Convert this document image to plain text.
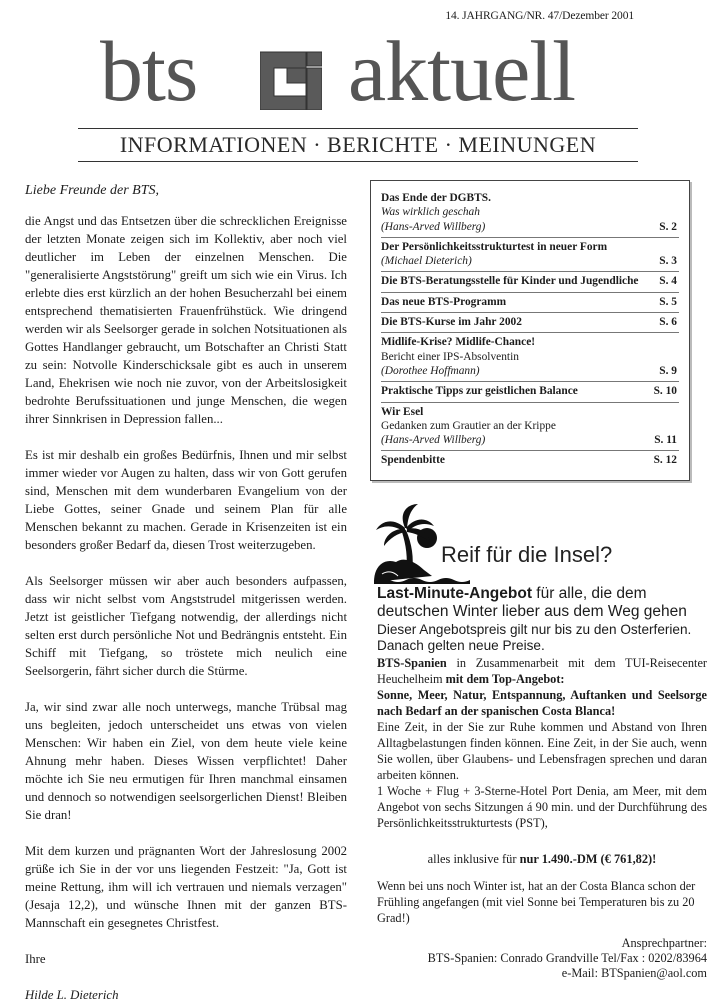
14. JAHRGANG/NR. 47/Dezember 2001
bts aktuell
INFORMATIONEN · BERICHTE · MEINUNGEN

Liebe Freunde der BTS,

die Angst und das Entsetzen über die schrecklichen Ereignisse der letzten Monate zeigen sich im Kollektiv, aber noch viel deutlicher im Leben der einzelnen Menschen. Die "generalisierte Angststörung" greift um sich wie ein Virus. Ich erlebte dies erst kürzlich an der hohen Besucherzahl bei einem entsprechend thematisierten Frauenfrühstück. Wie dringend werden wir als Seelsorger gerade in solchen Notsituationen als Gottes Handlanger gebraucht, um Botschafter an Christi Statt zu sein: Notvolle Kinderschicksale gibt es auch in unserem Land, Ehekrisen wie noch nie zuvor, von der Arbeitslosigkeit bedrohte Berufssituationen und junge Menschen, die wegen ihrer Sinnkrisen in Depression fallen...

Es ist mir deshalb ein großes Bedürfnis, Ihnen und mir selbst immer wieder vor Augen zu halten, dass wir von Gott gerufen sind, Menschen mit dem wunderbaren Evangelium von der Liebe Gottes, seiner Gnade und seinem Plan für alle Menschen bekannt zu machen. Gerade in Krisenzeiten ist ein besonders großer Bedarf da, diesen Trost weiterzugeben.

Als Seelsorger müssen wir aber auch besonders aufpassen, dass wir nicht selbst vom Angststrudel mitgerissen werden. Jetzt ist geistlicher Tiefgang notwendig, der allerdings nicht selten erst durch persönliche Not und Bedrängnis entsteht. Ein Schiff mit Tiefgang, so tröstete mich neulich eine Seelsorgerin, fährt sicher durch die Stürme.

Ja, wir sind zwar alle noch unterwegs, manche Trübsal mag uns begleiten, jedoch unterscheidet uns etwas von vielen Menschen: Wir haben ein Ziel, von dem heute viele keine Ahnung mehr haben. Dieses Wissen verpflichtet! Daher möchte ich Sie neu ermutigen für Ihren manchmal einsamen und dennoch so notwendigen seelsorgerlichen Dienst! Bleiben Sie dran!

Mit dem kurzen und prägnanten Wort der Jahreslosung 2002 grüße ich Sie in der vor uns liegenden Festzeit: "Ja, Gott ist meine Rettung, ihm will ich vertrauen und niemals verzagen" (Jesaja 12,2), und wünsche Ihnen mit der ganzen BTS-Mannschaft ein gesegnetes Christfest.

Ihre

Hilde L. Dieterich

Das Ende der DGBTS.
Was wirklich geschah
(Hans-Arved Willberg)	S. 2
Der Persönlichkeitsstrukturtest in neuer Form
(Michael Dieterich)	S. 3
Die BTS-Beratungsstelle für Kinder und Jugendliche	S. 4
Das neue BTS-Programm	S. 5
Die BTS-Kurse im Jahr 2002	S. 6
Midlife-Krise? Midlife-Chance!
Bericht einer IPS-Absolventin
(Dorothee Hoffmann)	S. 9
Praktische Tipps zur geistlichen Balance	S. 10
Wir Esel
Gedanken zum Grautier an der Krippe
(Hans-Arved Willberg)	S. 11
Spendenbitte	S. 12
Reif für die Insel?
Last-Minute-Angebot für alle, die dem deutschen Winter lieber aus dem Weg gehen
Dieser Angebotspreis gilt nur bis zu den Osterferien. Danach gelten neue Preise.

BTS-Spanien in Zusammenarbeit mit dem TUI-Reisecenter Heuchelheim mit dem Top-Angebot:

Sonne, Meer, Natur, Entspannung, Auftanken und Seelsorge nach Bedarf an der spanischen Costa Blanca!

Eine Zeit, in der Sie zur Ruhe kommen und Abstand von Ihren Alltagbelastungen finden können. Eine Zeit, in der Sie auch, wenn Sie wollen, über Glaubens- und Lebensfragen sprechen und daran arbeiten können.

1 Woche + Flug + 3-Sterne-Hotel Port Denia, am Meer, mit dem Angebot von sechs Sitzungen á 90 min. und der Durchführung des Persönlichkeitsstrukturtests (PST),

alles inklusive für nur 1.490.-DM (€ 761,82)!
Wenn bei uns noch Winter ist, hat an der Costa Blanca schon der Frühling angefangen (mit viel Sonne bei Temperaturen bis zu 20 Grad!)
Ansprechpartner:
BTS-Spanien: Conrado Grandville Tel/Fax : 0202/83964
e-Mail: BTSpanien@aol.com
